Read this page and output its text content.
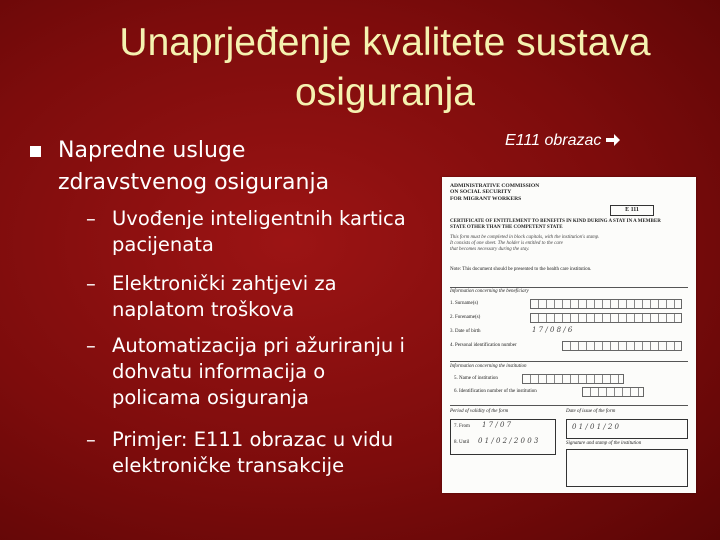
Unaprjeđenje kvalitete sustava
osiguranja
Napredne usluge
zdravstvenog osiguranja
– Uvođenje inteligentnih kartica
pacijenata
– Elektronički zahtjevi za
naplatom troškova
– Automatizacija pri ažuriranju i
dohvatu informacija o
policama osiguranja
– Primjer: E111 obrazac u vidu
elektroničke transakcije
E111 obrazac
ADMINISTRATIVE COMMISSION
ON SOCIAL SECURITY
FOR MIGRANT WORKERS
E 111
CERTIFICATE OF ENTITLEMENT TO BENEFITS IN KIND DURING A STAY IN A MEMBER
STATE OTHER THAN THE COMPETENT STATE
This form must be completed in block capitals, with the institution's stamp.
It consists of one sheet. The holder is entitled to the care
that becomes necessary during the stay.
Note: This document should be presented to the health care institution.
Information concerning the beneficiary
1. Surname(s)
2. Forename(s)
3. Date of birth	1 7 / 0 8 / 6
4. Personal identification number
Information concerning the institution
5. Name of institution
6. Identification number of the institution
Period of validity of the form	Date of issue of the form
7. From 1 7 / 0 7
8. Until 0 1 / 0 2 / 2 0 0 3
0 1 / 0 1 / 2 0
Signature and stamp of the institution
